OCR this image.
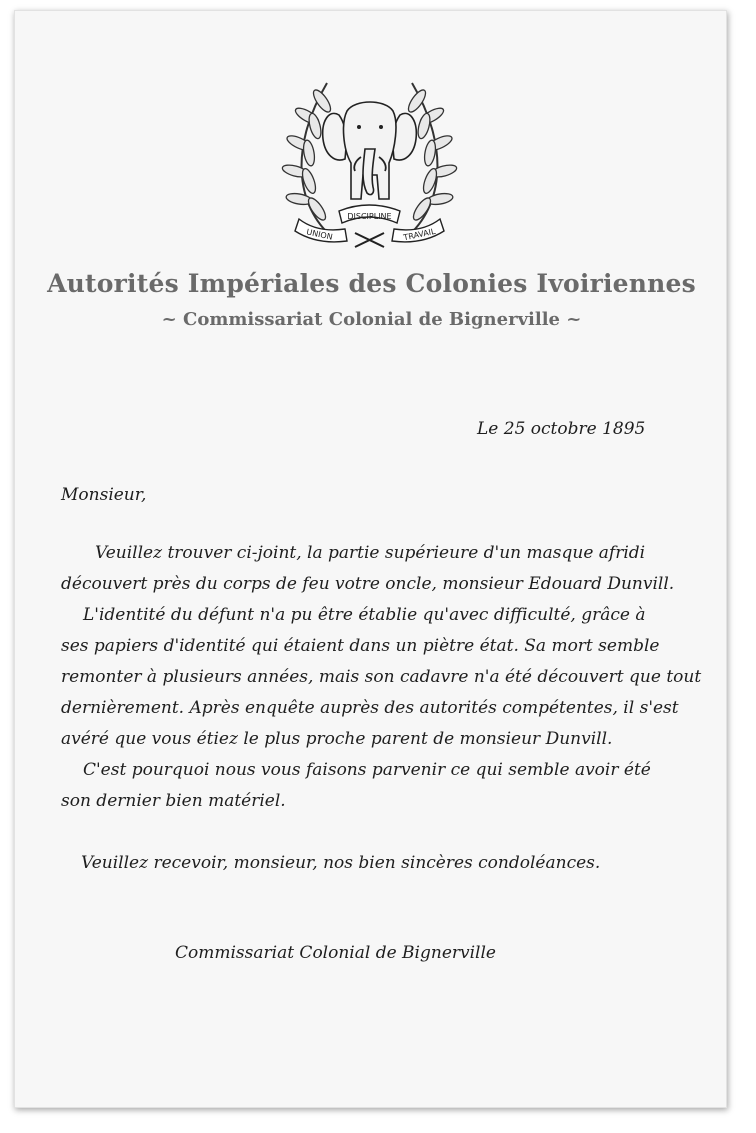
DISCIPLINE
UNION	TRAVAIL
Autorités Impériales des Colonies Ivoiriennes
~ Commissariat Colonial de Bignerville ~
Le 25 octobre 1895
Monsieur,
Veuillez trouver ci-joint, la partie supérieure d'un masque afridi
découvert près du corps de feu votre oncle, monsieur Edouard Dunvill.
L'identité du défunt n'a pu être établie qu'avec difficulté, grâce à
ses papiers d'identité qui étaient dans un piètre état. Sa mort semble
remonter à plusieurs années, mais son cadavre n'a été découvert que tout
dernièrement. Après enquête auprès des autorités compétentes, il s'est
avéré que vous étiez le plus proche parent de monsieur Dunvill.
C'est pourquoi nous vous faisons parvenir ce qui semble avoir été
son dernier bien matériel.
Veuillez recevoir, monsieur, nos bien sincères condoléances.
Commissariat Colonial de Bignerville
